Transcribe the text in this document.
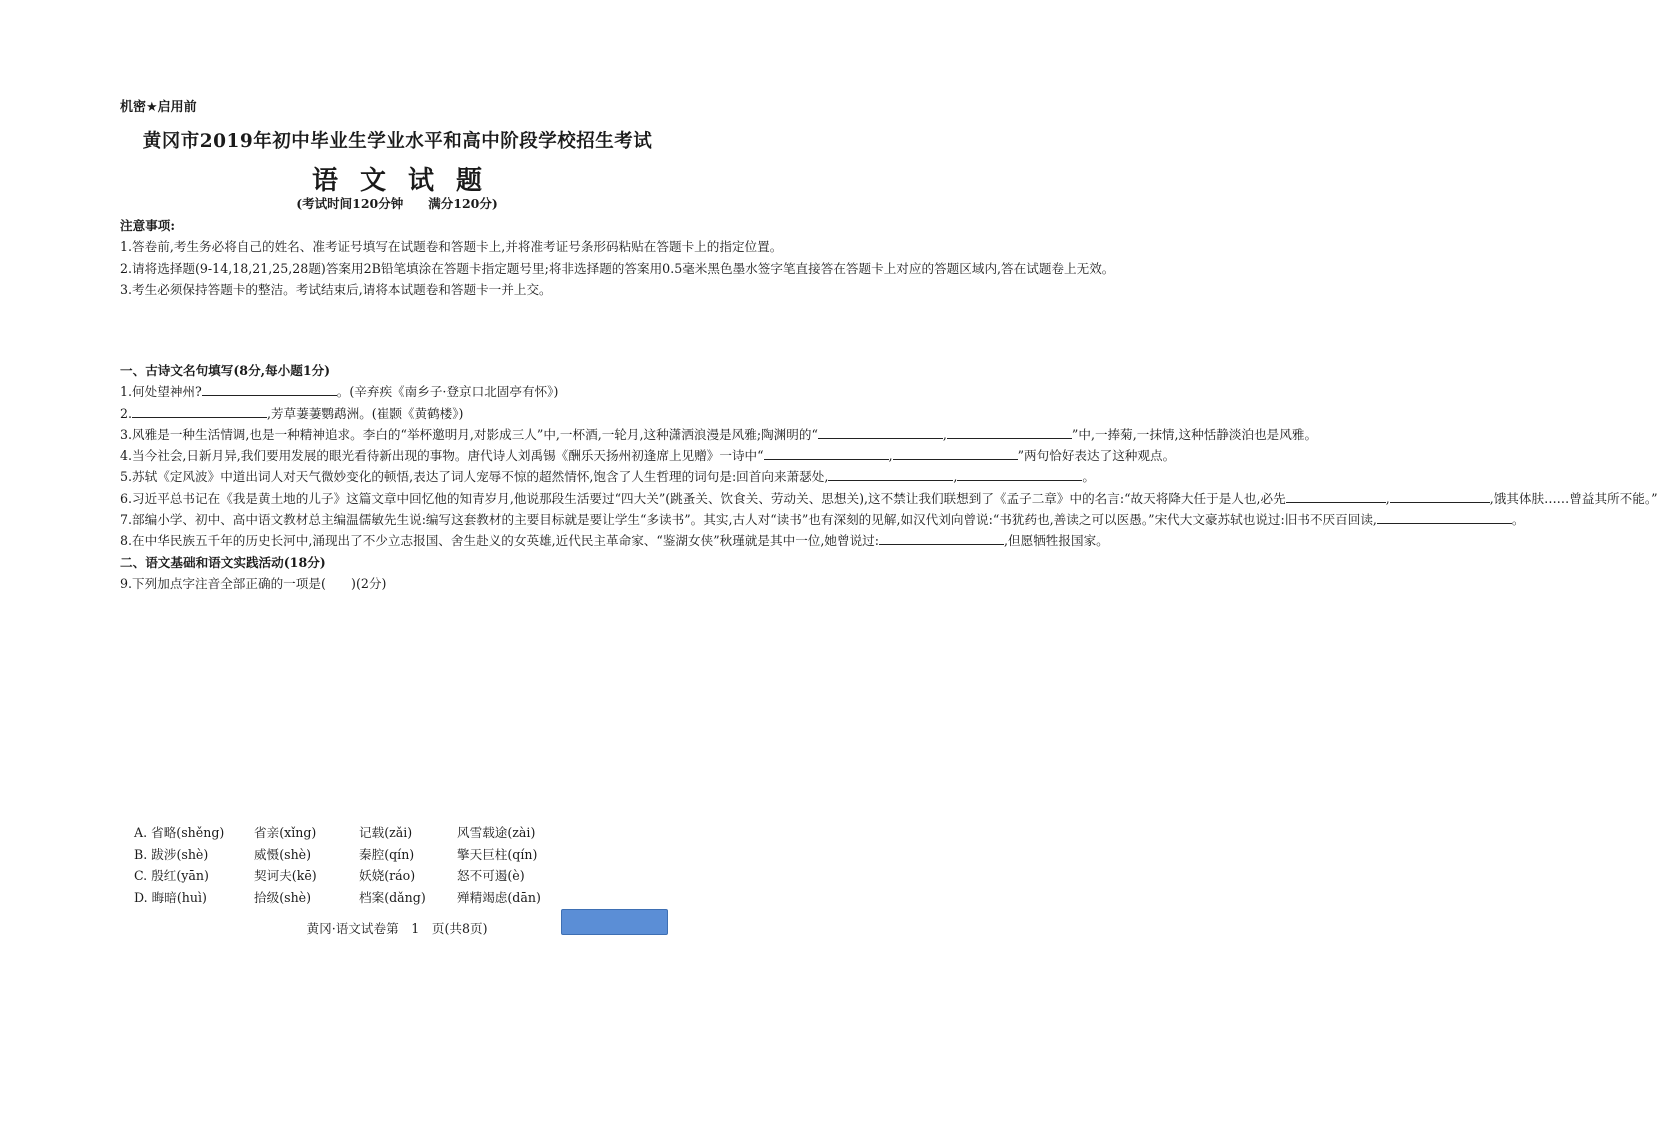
机密★启用前
黄冈市2019年初中毕业生学业水平和高中阶段学校招生考试
语文试题
(考试时间120分钟　　满分120分)
注意事项:
1. 答卷前,考生务必将自己的姓名、准考证号填写在试题卷和答题卡上,并将准考证号条形码粘贴在答题卡上的指定位置。
2. 请将选择题(9-14,18,21,25,28题)答案用2B铅笔填涂在答题卡指定题号里;将非选择题的答案用0.5毫米黑色墨水签字笔直接答在答题卡上对应的答题区域内,答在试题卷上无效。
3. 考生必须保持答题卡的整洁。考试结束后,请将本试题卷和答题卡一并上交。
一、古诗文名句填写(8分,每小题1分)
1. 何处望神州?	。(辛弃疾《南乡子·登京口北固亭有怀》)
2.	,芳草萋萋鹦鹉洲。(崔颢《黄鹤楼》)
3. 风雅是一种生活情调,也是一种精神追求。李白的“举杯邀明月,对影成三人”中,一杯酒,一轮月,这种潇洒浪漫是风雅;陶渊明的“	,	”中,一捧菊,一抹情,这种恬静淡泊也是风雅。
4. 当今社会,日新月异,我们要用发展的眼光看待新出现的事物。唐代诗人刘禹锡《酬乐天扬州初逢席上见赠》一诗中“	,	”两句恰好表达了这种观点。
5. 苏轼《定风波》中道出词人对天气微妙变化的顿悟,表达了词人宠辱不惊的超然情怀,饱含了人生哲理的词句是:回首向来萧瑟处,	,	。
6. 习近平总书记在《我是黄土地的儿子》这篇文章中回忆他的知青岁月,他说那段生活要过“四大关”(跳蚤关、饮食关、劳动关、思想关),这不禁让我们联想到了《孟子二章》中的名言:“故天将降大任于是人也,必先	,	,饿其体肤……曾益其所不能。”
7. 部编小学、初中、高中语文教材总主编温儒敏先生说:编写这套教材的主要目标就是要让学生“多读书”。其实,古人对“读书”也有深刻的见解,如汉代刘向曾说:“书犹药也,善读之可以医愚。”宋代大文豪苏轼也说过:旧书不厌百回读,	。
8. 在中华民族五千年的历史长河中,涌现出了不少立志报国、舍生赴义的女英雄,近代民主革命家、“鉴湖女侠”秋瑾就是其中一位,她曾说过:	,但愿牺牲报国家。
二、语文基础和语文实践活动(18分)
9. 下列加点字注音全部正确的一项是(　　)(2分)
A. 省略(shěng)	省亲(xǐng)	记载(zǎi)	风雪载途(zài)
B. 跋涉(shè)	威慑(shè)	秦腔(qín)	擎天巨柱(qín)
C. 殷红(yān)	契诃夫(kē)	妖娆(ráo)	怒不可遏(è)
D. 晦暗(huì)	拾级(shè)	档案(dǎng)	殚精竭虑(dān)
黄冈·语文试卷第　1　页(共8页)
